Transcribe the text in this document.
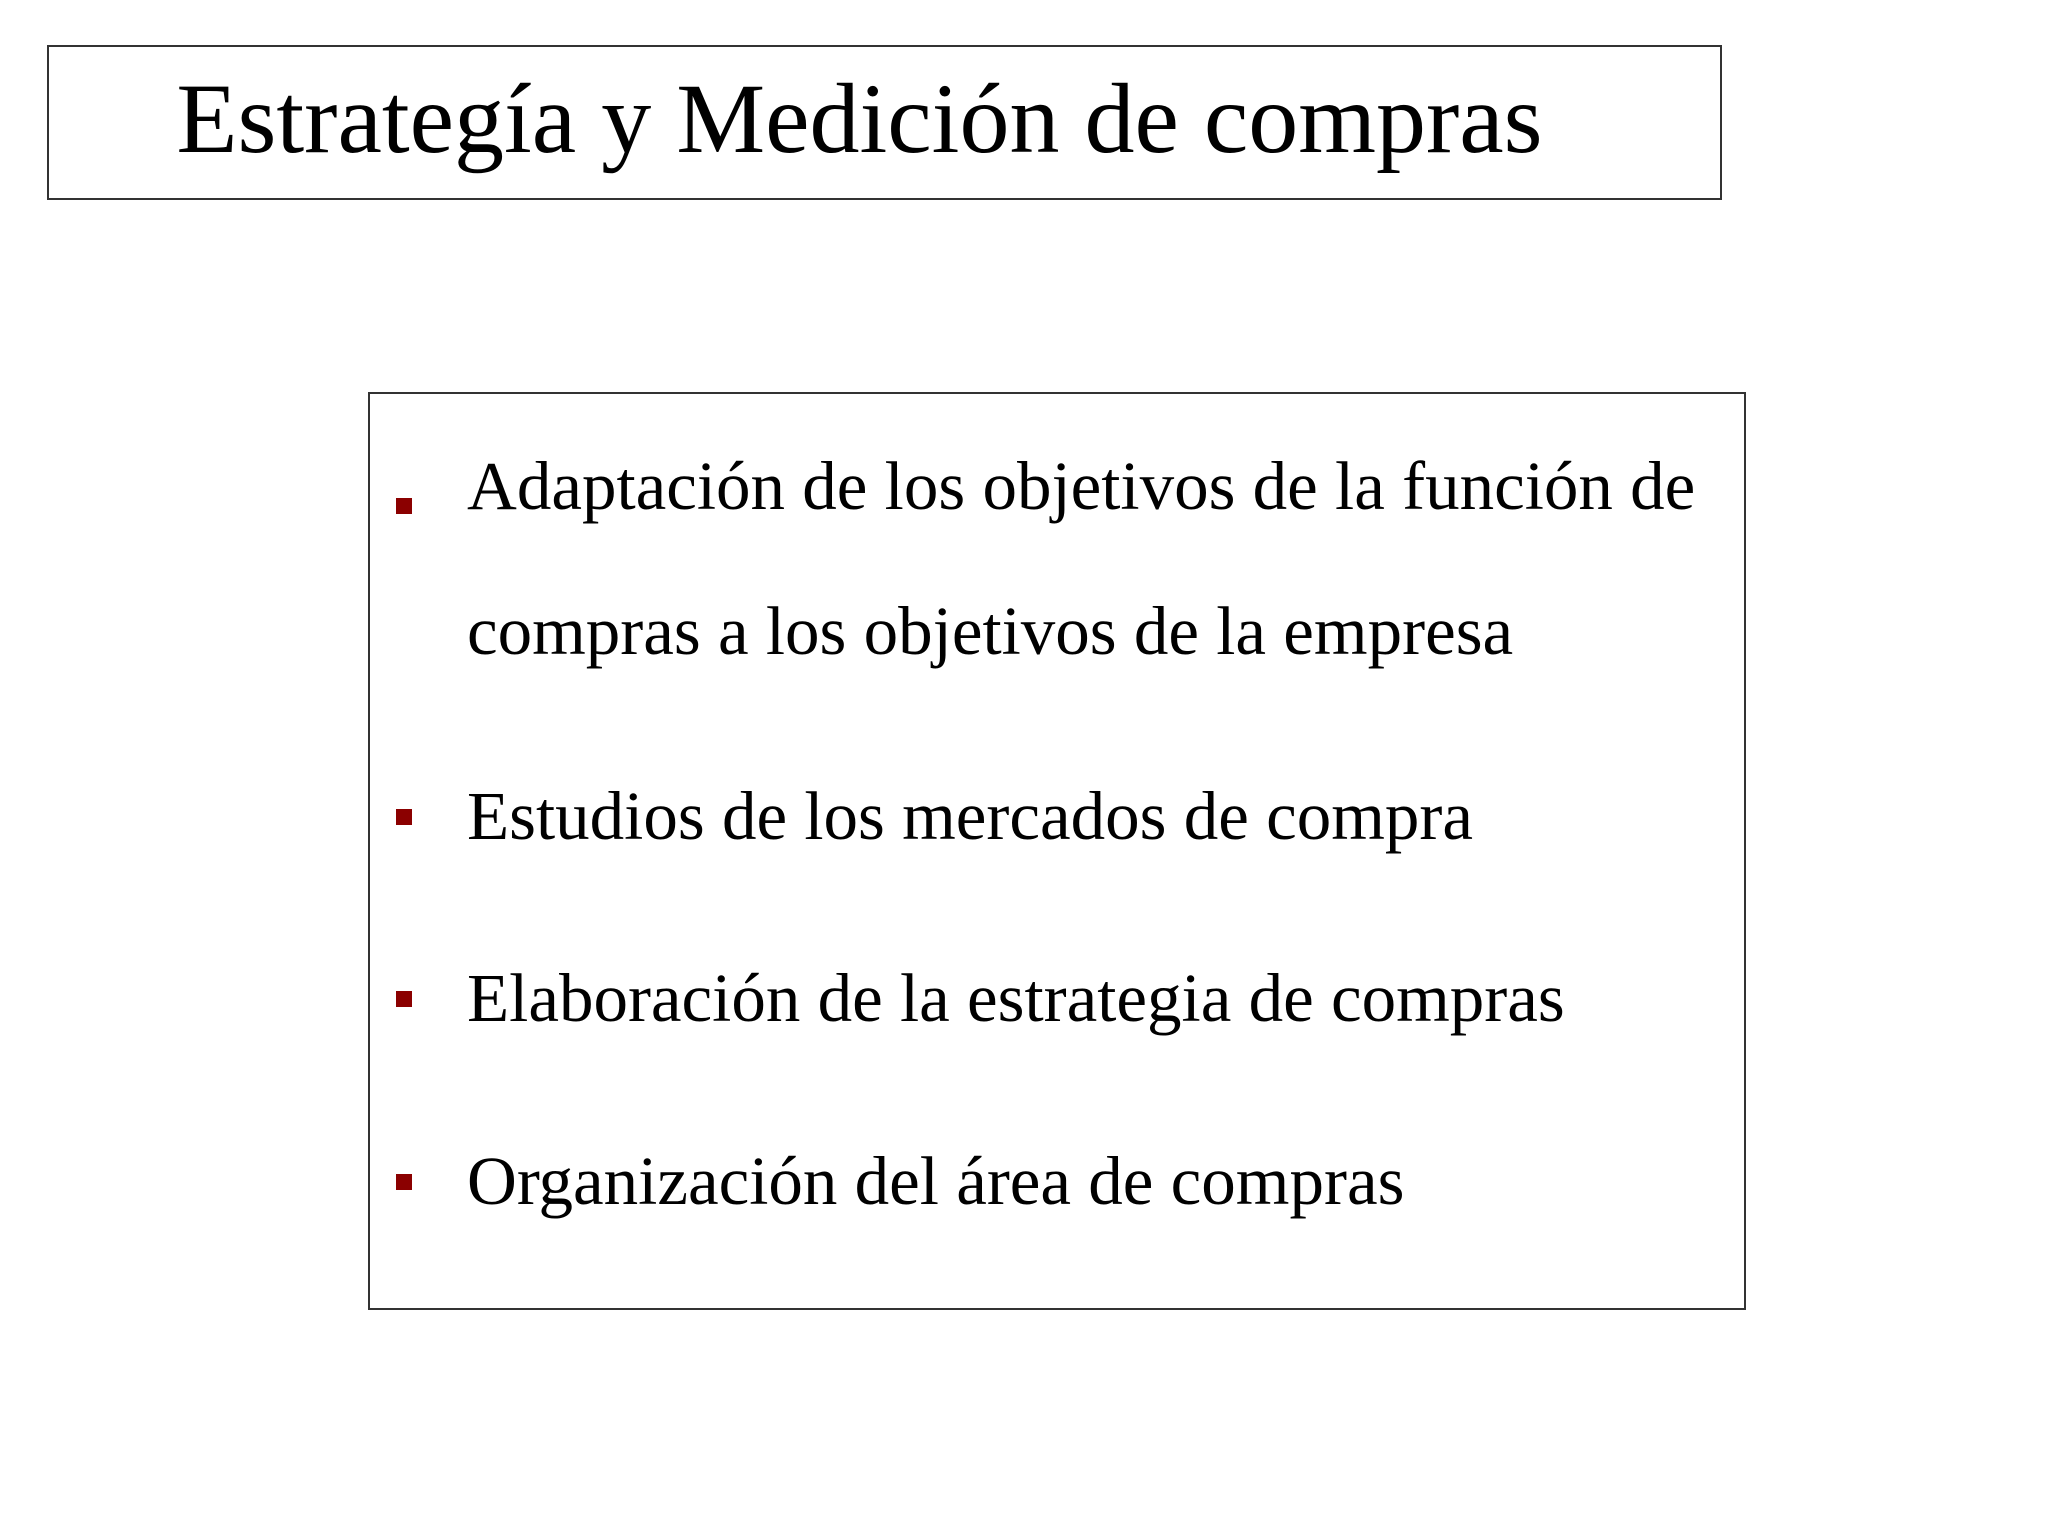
Estrategía y Medición de compras
Adaptación de los objetivos de la función de compras a los objetivos de la empresa
Estudios de los mercados de compra
Elaboración de la estrategia de compras
Organización del área de compras
